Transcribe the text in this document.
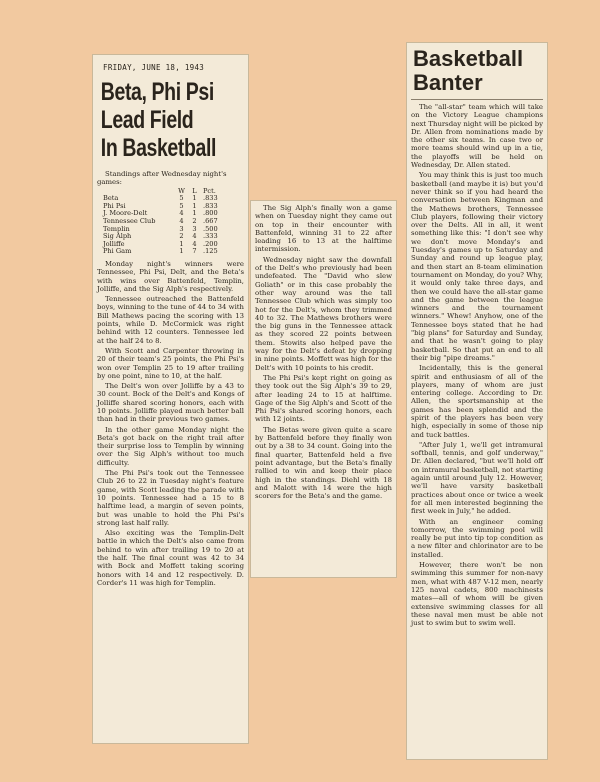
FRIDAY, JUNE 18, 1943
Beta, Phi Psi
Lead Field
In Basketball

Standings after Wednesday night's games:

	W	L	Pct.
Beta	5	1	.833
Phi Psi	5	1	.833
J. Moore-Delt	4	1	.800
Tennessee Club	4	2	.667
Templin	3	3	.500
Sig Alph	2	4	.333
Jolliffe	1	4	.200
Phi Gam	1	7	.125

Monday night's winners were Tennessee, Phi Psi, Delt, and the Beta's with wins over Battenfeld, Templin, Jolliffe, and the Sig Alph's respectively.

Tennessee outreached the Battenfeld boys, winning to the tune of 44 to 34 with Bill Mathews pacing the scoring with 13 points, while D. McCormick was right behind with 12 counters. Tennessee led at the half 24 to 8.

With Scott and Carpenter throwing in 20 of their team's 25 points, the Phi Psi's won over Templin 25 to 19 after trailing by one point, nine to 10, at the half.

The Delt's won over Jolliffe by a 43 to 30 count. Bock of the Delt's and Kongs of Jolliffe shared scoring honors, each with 10 points. Jolliffe played much better ball than had in their previous two games.

In the other game Monday night the Beta's got back on the right trail after their surprise loss to Templin by winning over the Sig Alph's without too much difficulty.

The Phi Psi's took out the Tennessee Club 26 to 22 in Tuesday night's feature game, with Scott leading the parade with 10 points. Tennessee had a 15 to 8 halftime lead, a margin of seven points, but was unable to hold the Phi Psi's strong last half rally.

Also exciting was the Templin-Delt battle in which the Delt's also came from behind to win after trailing 19 to 20 at the half. The final count was 42 to 34 with Bock and Moffett taking scoring honors with 14 and 12 respectively. D. Corder's 11 was high for Templin.

The Sig Alph's finally won a game when on Tuesday night they came out on top in their encounter with Battenfeld, winning 31 to 22 after leading 16 to 13 at the halftime intermission.

Wednesday night saw the downfall of the Delt's who previously had been undefeated. The "David who slew Goliath" or in this case probably the other way around was the tall Tennessee Club which was simply too hot for the Delt's, whom they trimmed 40 to 32. The Mathews brothers were the big guns in the Tennessee attack as they scored 22 points between them. Stowits also helped pave the way for the Delt's defeat by dropping in nine points. Moffett was high for the Delt's with 10 points to his credit.

The Phi Psi's kept right on going as they took out the Sig Alph's 39 to 29, after leading 24 to 15 at halftime. Gage of the Sig Alph's and Scott of the Phi Psi's shared scoring honors, each with 12 joints.

The Betas were given quite a scare by Battenfeld before they finally won out by a 38 to 34 count. Going into the final quarter, Battenfeld held a five point advantage, but the Beta's finally rallied to win and keep their place high in the standings. Diehl with 18 and Malott with 14 were the high scorers for the Beta's and the game.

Basketball
Banter

The "all-star" team which will take on the Victory League champions next Thursday night will be picked by Dr. Allen from nominations made by the other six teams. In case two or more teams should wind up in a tie, the playoffs will be held on Wednesday, Dr. Allen stated.

You may think this is just too much basketball (and maybe it is) but you'd never think so if you had heard the conversation between Kingman and the Mathews brothers, Tennessee Club players, following their victory over the Delts. All in all, it went something like this: "I don't see why we don't move Monday's and Tuesday's games up to Saturday and Sunday and round up league play, and then start an 8-team elimination tournament on Monday, do you? Why, it would only take three days, and then we could have the all-star game and the game between the league winners and the tournament winners." Whew! Anyhow, one of the Tennessee boys stated that he had "big plans" for Saturday and Sunday, and that he wasn't going to play basketball. So that put an end to all their big "pipe dreams."

Incidentally, this is the general spirit and enthusiasm of all of the players, many of whom are just entering college. According to Dr. Allen, the sportsmanship at the games has been splendid and the spirit of the players has been very high, especially in some of those nip and tuck battles.

"After July 1, we'll get intramural softball, tennis, and golf underway," Dr. Allen declared, "but we'll hold off on intramural basketball, not starting again until around July 12. However, we'll have varsity basketball practices about once or twice a week for all men interested beginning the first week in July," he added.

With an engineer coming tomorrow, the swimming pool will really be put into tip top condition as a new filter and chlorinator are to be installed.

However, there won't be non swimming this summer for non-navy men, what with 487 V-12 men, nearly 125 naval cadets, 800 machinests mates—all of whom will be given extensive swimming classes for all these naval men must be able not just to swim but to swim well.
